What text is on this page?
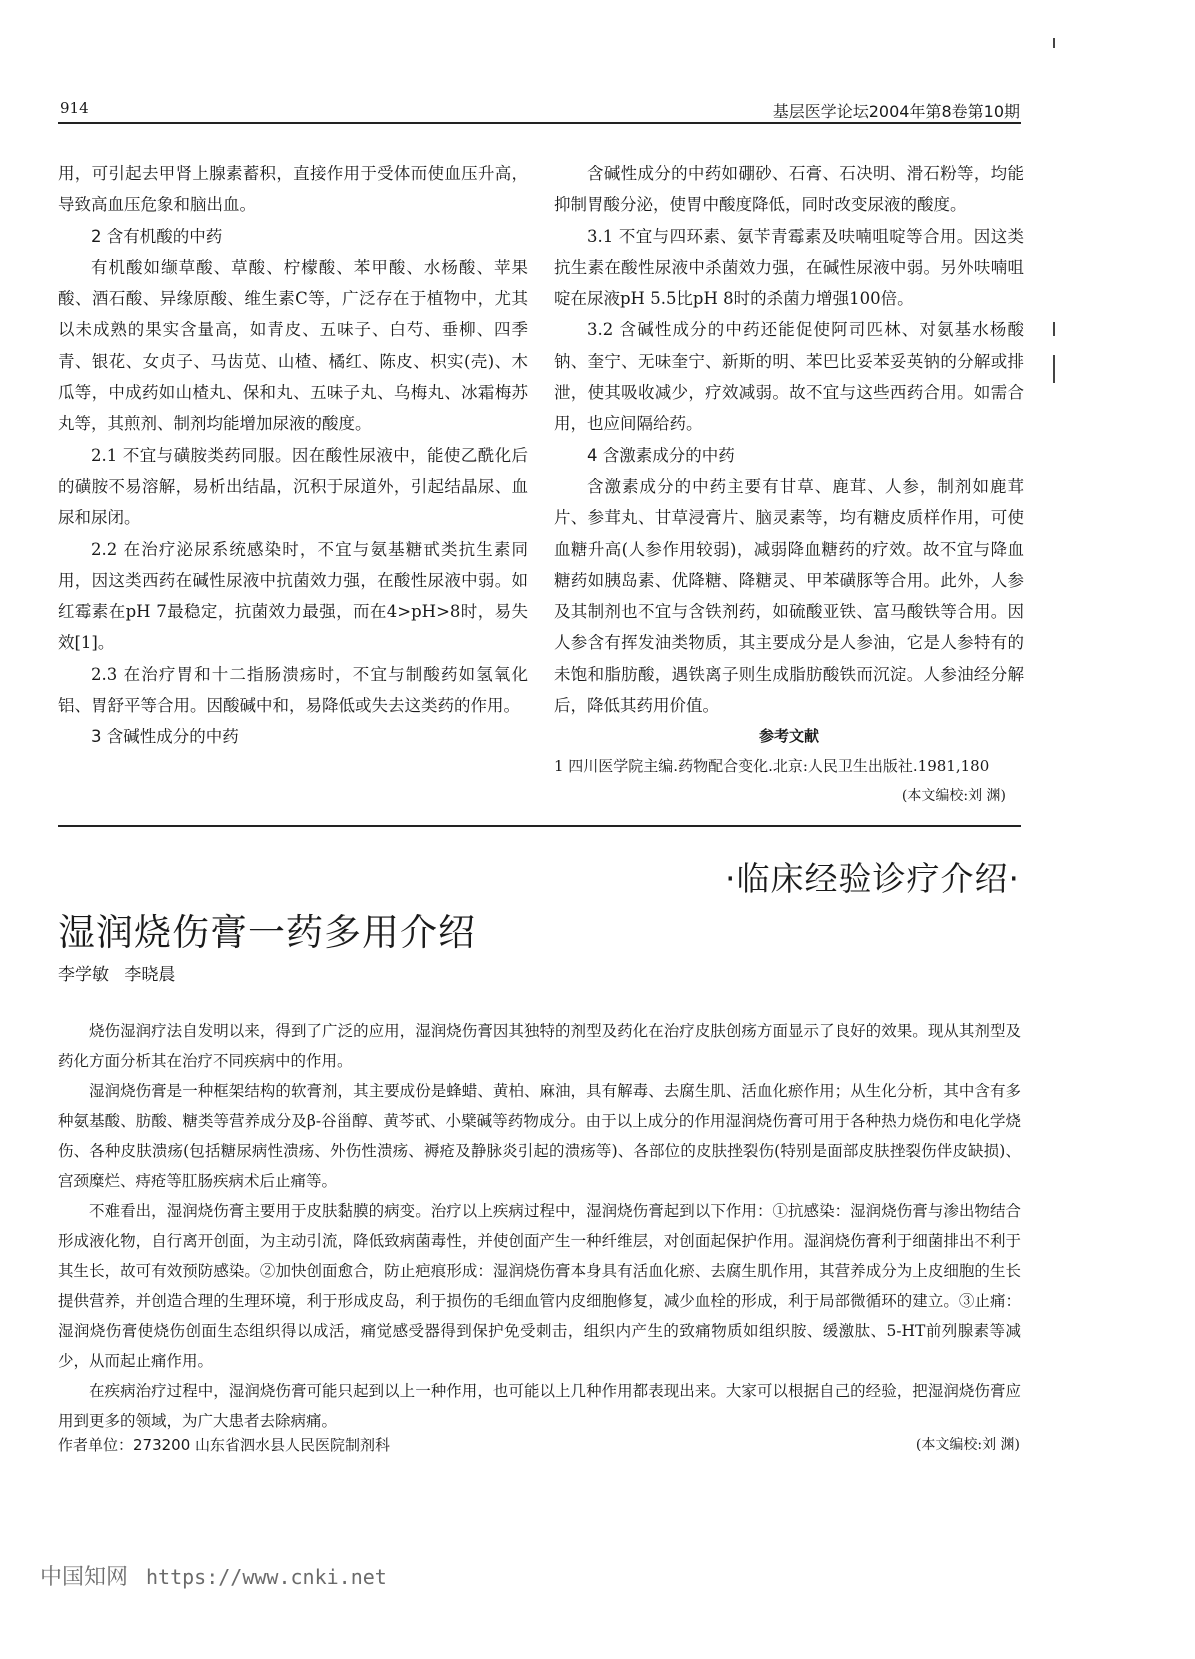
914	基层医学论坛2004年第8卷第10期

用，可引起去甲肾上腺素蓄积，直接作用于受体而使血压升高，导致高血压危象和脑出血。

2 含有机酸的中药

有机酸如缬草酸、草酸、柠檬酸、苯甲酸、水杨酸、苹果酸、酒石酸、异缘原酸、维生素C等，广泛存在于植物中，尤其以未成熟的果实含量高，如青皮、五味子、白芍、垂柳、四季青、银花、女贞子、马齿苋、山楂、橘红、陈皮、枳实(壳)、木瓜等，中成药如山楂丸、保和丸、五味子丸、乌梅丸、冰霜梅苏丸等，其煎剂、制剂均能增加尿液的酸度。

2.1 不宜与磺胺类药同服。因在酸性尿液中，能使乙酰化后的磺胺不易溶解，易析出结晶，沉积于尿道外，引起结晶尿、血尿和尿闭。

2.2 在治疗泌尿系统感染时，不宜与氨基糖甙类抗生素同用，因这类西药在碱性尿液中抗菌效力强，在酸性尿液中弱。如红霉素在pH 7最稳定，抗菌效力最强，而在4>pH>8时，易失效[1]。

2.3 在治疗胃和十二指肠溃疡时，不宜与制酸药如氢氧化铝、胃舒平等合用。因酸碱中和，易降低或失去这类药的作用。

3 含碱性成分的中药

含碱性成分的中药如硼砂、石膏、石决明、滑石粉等，均能抑制胃酸分泌，使胃中酸度降低，同时改变尿液的酸度。

3.1 不宜与四环素、氨苄青霉素及呋喃咀啶等合用。因这类抗生素在酸性尿液中杀菌效力强，在碱性尿液中弱。另外呋喃咀啶在尿液pH 5.5比pH 8时的杀菌力增强100倍。

3.2 含碱性成分的中药还能促使阿司匹林、对氨基水杨酸钠、奎宁、无味奎宁、新斯的明、苯巴比妥苯妥英钠的分解或排泄，使其吸收减少，疗效减弱。故不宜与这些西药合用。如需合用，也应间隔给药。

4 含激素成分的中药

含激素成分的中药主要有甘草、鹿茸、人参，制剂如鹿茸片、参茸丸、甘草浸膏片、脑灵素等，均有糖皮质样作用，可使血糖升高(人参作用较弱)，减弱降血糖药的疗效。故不宜与降血糖药如胰岛素、优降糖、降糖灵、甲苯磺豚等合用。此外，人参及其制剂也不宜与含铁剂药，如硫酸亚铁、富马酸铁等合用。因人参含有挥发油类物质，其主要成分是人参油，它是人参特有的未饱和脂肪酸，遇铁离子则生成脂肪酸铁而沉淀。人参油经分解后，降低其药用价值。

参考文献
1 四川医学院主编.药物配合变化.北京:人民卫生出版社.1981,180
(本文编校:刘 渊)
·临床经验诊疗介绍·
湿润烧伤膏一药多用介绍
李学敏 李晓晨

烧伤湿润疗法自发明以来，得到了广泛的应用，湿润烧伤膏因其独特的剂型及药化在治疗皮肤创疡方面显示了良好的效果。现从其剂型及药化方面分析其在治疗不同疾病中的作用。

湿润烧伤膏是一种框架结构的软膏剂，其主要成份是蜂蜡、黄柏、麻油，具有解毒、去腐生肌、活血化瘀作用；从生化分析，其中含有多种氨基酸、肪酸、糖类等营养成分及β-谷甾醇、黄芩甙、小檗碱等药物成分。由于以上成分的作用湿润烧伤膏可用于各种热力烧伤和电化学烧伤、各种皮肤溃疡(包括糖尿病性溃疡、外伤性溃疡、褥疮及静脉炎引起的溃疡等)、各部位的皮肤挫裂伤(特别是面部皮肤挫裂伤伴皮缺损)、宫颈糜烂、痔疮等肛肠疾病术后止痛等。

不难看出，湿润烧伤膏主要用于皮肤黏膜的病变。治疗以上疾病过程中，湿润烧伤膏起到以下作用：①抗感染：湿润烧伤膏与渗出物结合形成液化物，自行离开创面，为主动引流，降低致病菌毒性，并使创面产生一种纤维层，对创面起保护作用。湿润烧伤膏利于细菌排出不利于其生长，故可有效预防感染。②加快创面愈合，防止疤痕形成：湿润烧伤膏本身具有活血化瘀、去腐生肌作用，其营养成分为上皮细胞的生长提供营养，并创造合理的生理环境，利于形成皮岛，利于损伤的毛细血管内皮细胞修复，减少血栓的形成，利于局部微循环的建立。③止痛：湿润烧伤膏使烧伤创面生态组织得以成活，痛觉感受器得到保护免受刺击，组织内产生的致痛物质如组织胺、缓激肽、5-HT前列腺素等减少，从而起止痛作用。

在疾病治疗过程中，湿润烧伤膏可能只起到以上一种作用，也可能以上几种作用都表现出来。大家可以根据自己的经验，把湿润烧伤膏应用到更多的领域，为广大患者去除病痛。

作者单位：273200 山东省泗水县人民医院制剂科	(本文编校:刘 渊)
中国知网 https://www.cnki.net
